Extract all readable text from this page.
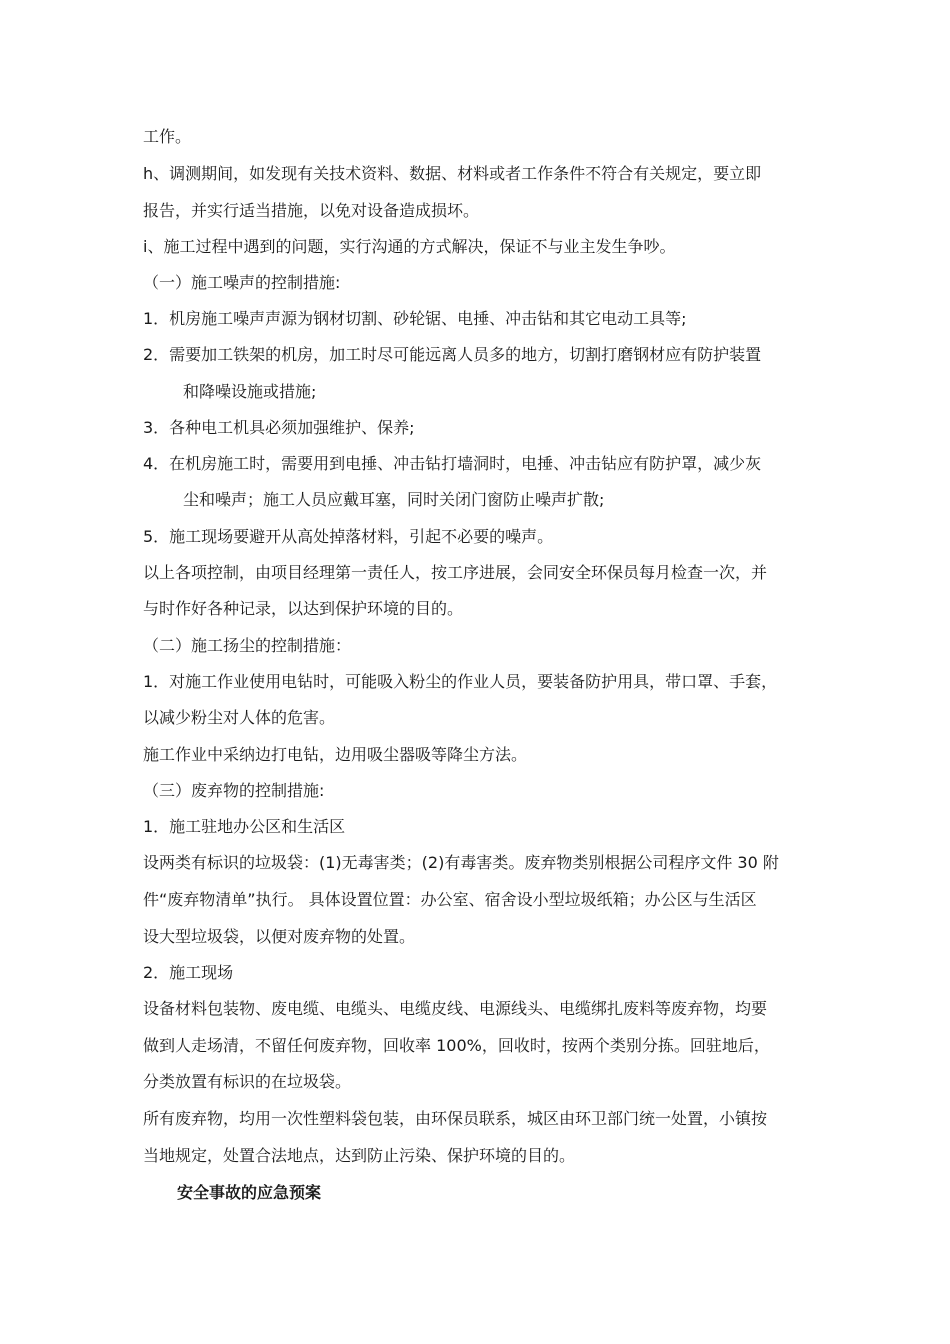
工作。
h、调测期间，如发现有关技术资料、数据、材料或者工作条件不符合有关规定，要立即
报告，并实行适当措施，以免对设备造成损坏。
i、施工过程中遇到的问题，实行沟通的方式解决，保证不与业主发生争吵。
（一）施工噪声的控制措施:
1．机房施工噪声声源为钢材切割、砂轮锯、电捶、冲击钻和其它电动工具等;
2．需要加工铁架的机房，加工时尽可能远离人员多的地方，切割打磨钢材应有防护装置
和降噪设施或措施;
3．各种电工机具必须加强维护、保养;
4．在机房施工时，需要用到电捶、冲击钻打墙洞时，电捶、冲击钻应有防护罩，减少灰
尘和噪声；施工人员应戴耳塞，同时关闭门窗防止噪声扩散;
5．施工现场要避开从高处掉落材料，引起不必要的噪声。
以上各项控制，由项目经理第一责任人，按工序进展，会同安全环保员每月检查一次，并
与时作好各种记录，以达到保护环境的目的。
（二）施工扬尘的控制措施：
1．对施工作业使用电钻时，可能吸入粉尘的作业人员，要装备防护用具，带口罩、手套，
以减少粉尘对人体的危害。
施工作业中采纳边打电钻，边用吸尘器吸等降尘方法。
（三）废弃物的控制措施:
1．施工驻地办公区和生活区
设两类有标识的垃圾袋：(1)无毒害类；(2)有毒害类。废弃物类别根据公司程序文件 30 附
件“废弃物清单”执行。 具体设置位置：办公室、宿舍设小型垃圾纸箱；办公区与生活区
设大型垃圾袋，以便对废弃物的处置。
2．施工现场
设备材料包装物、废电缆、电缆头、电缆皮线、电源线头、电缆绑扎废料等废弃物，均要
做到人走场清，不留任何废弃物，回收率 100%，回收时，按两个类别分拣。回驻地后，
分类放置有标识的在垃圾袋。
所有废弃物，均用一次性塑料袋包装，由环保员联系，城区由环卫部门统一处置，小镇按
当地规定，处置合法地点，达到防止污染、保护环境的目的。
安全事故的应急预案
